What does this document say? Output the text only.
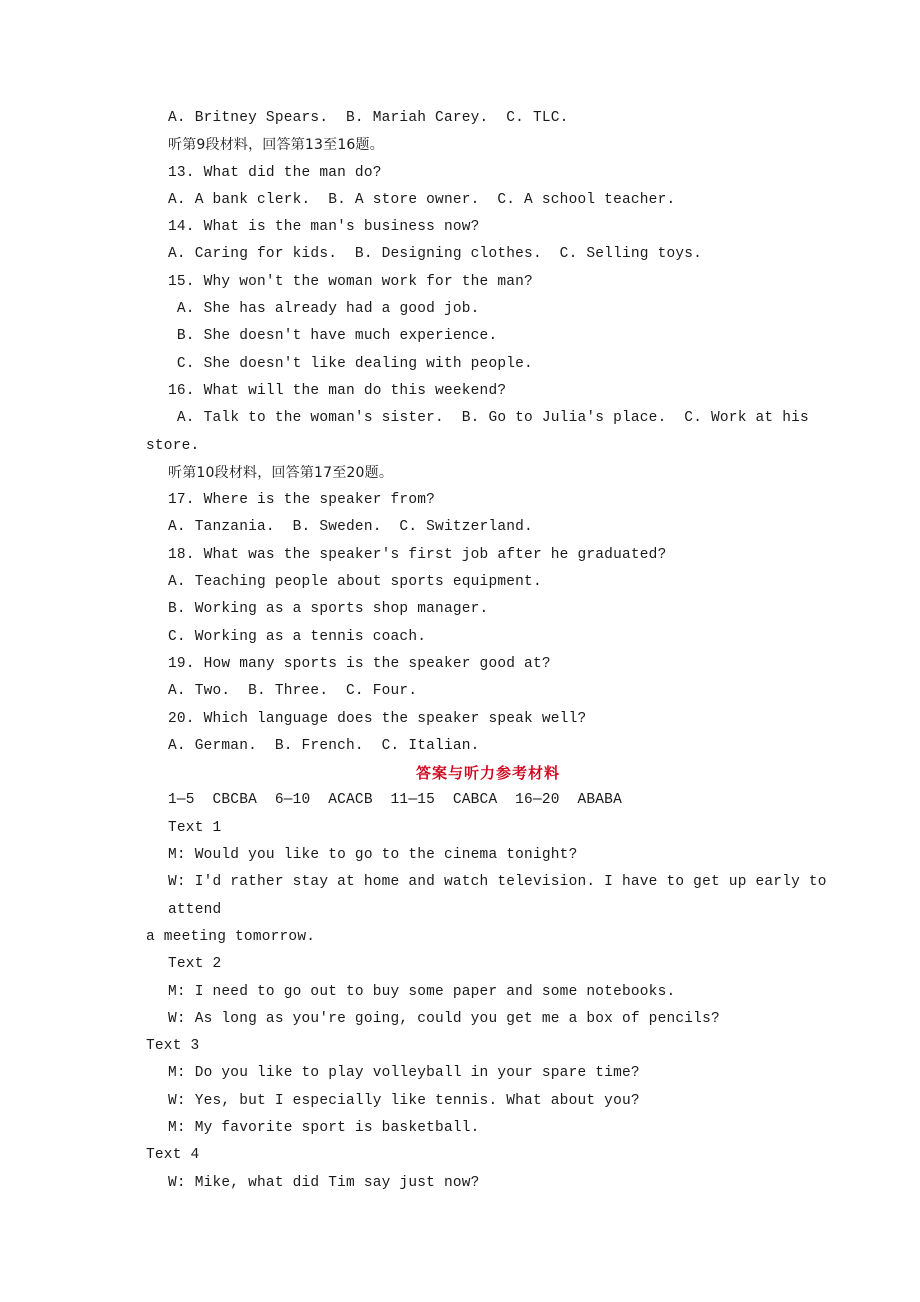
A. Britney Spears.  B. Mariah Carey.  C. TLC.
听第9段材料，回答第13至16题。
13. What did the man do?
A. A bank clerk.  B. A store owner.  C. A school teacher.
14. What is the man's business now?
A. Caring for kids.  B. Designing clothes.  C. Selling toys.
15. Why won't the woman work for the man?
A. She has already had a good job.
B. She doesn't have much experience.
C. She doesn't like dealing with people.
16. What will the man do this weekend?
A. Talk to the woman's sister.  B. Go to Julia's place.  C. Work at his
store.
听第10段材料，回答第17至20题。
17. Where is the speaker from?
A. Tanzania.  B. Sweden.  C. Switzerland.
18. What was the speaker's first job after he graduated?
A. Teaching people about sports equipment.
B. Working as a sports shop manager.
C. Working as a tennis coach.
19. How many sports is the speaker good at?
A. Two.  B. Three.  C. Four.
20. Which language does the speaker speak well?
A. German.  B. French.  C. Italian.
答案与听力参考材料
1—5  CBCBA  6—10  ACACB  11—15  CABCA  16—20  ABABA
Text 1
M: Would you like to go to the cinema tonight?
W: I'd rather stay at home and watch television. I have to get up early to attend
a meeting tomorrow.
Text 2
M: I need to go out to buy some paper and some notebooks.
W: As long as you're going, could you get me a box of pencils?
Text 3
M: Do you like to play volleyball in your spare time?
W: Yes, but I especially like tennis. What about you?
M: My favorite sport is basketball.
Text 4
W: Mike, what did Tim say just now?
